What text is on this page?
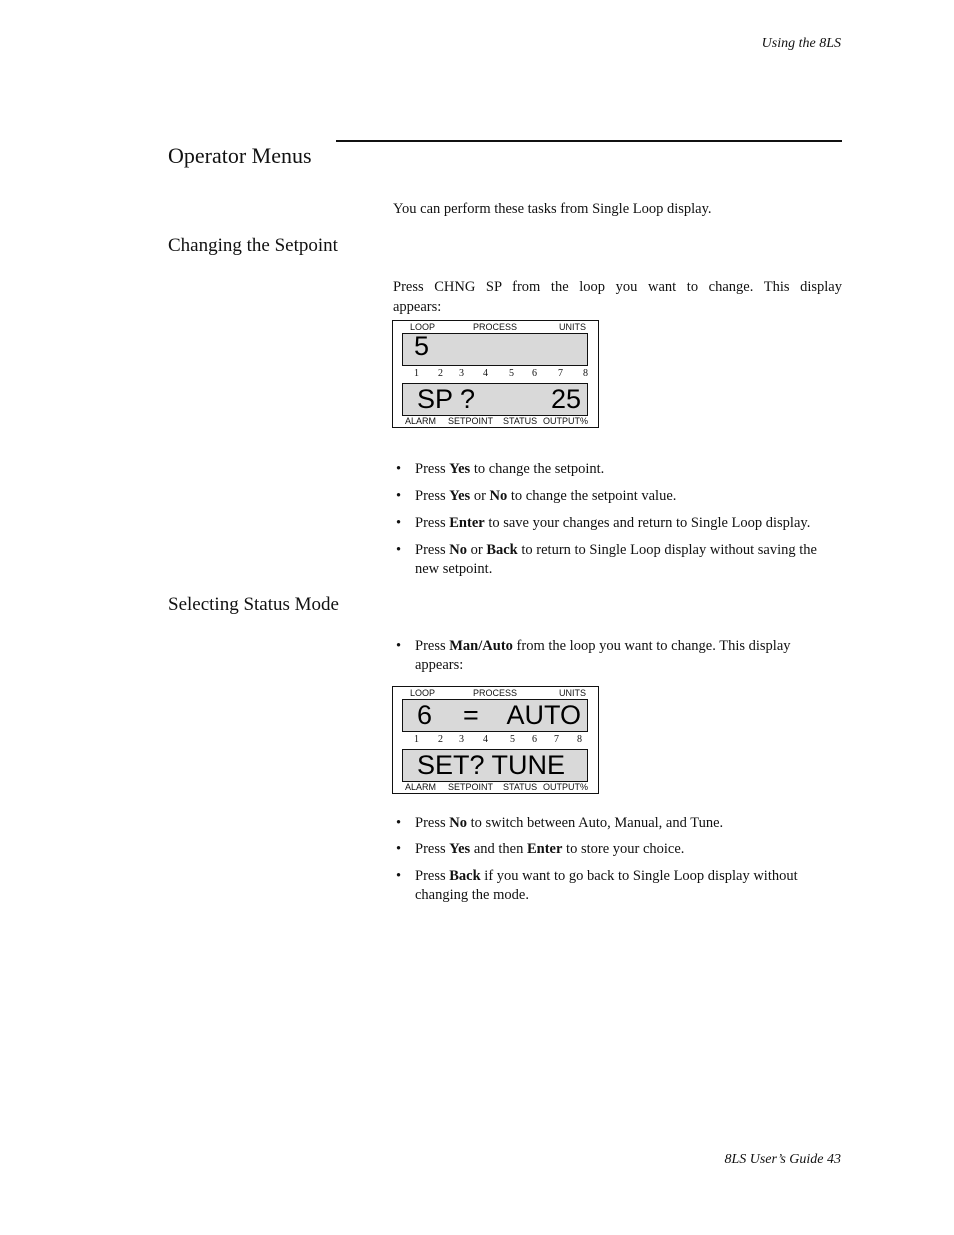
Using the 8LS
Operator Menus
You can perform these tasks from Single Loop display.
Changing the Setpoint
Press CHNG SP from the loop you want to change. This display
appears:
LOOP	PROCESS	UNITS
5
1 2 3 4 5 6 7 8
SP ?	25
ALARM SETPOINT STATUS OUTPUT%
• Press Yes to change the setpoint.
• Press Yes or No to change the setpoint value.
• Press Enter to save your changes and return to Single Loop display.
• Press No or Back to return to Single Loop display without saving the
new setpoint.
Selecting Status Mode
• Press Man/Auto from the loop you want to change. This display
appears:
LOOP	PROCESS	UNITS
6 = AUTO
1 2 3 4 5 6 7 8
SET? TUNE
ALARM SETPOINT STATUS OUTPUT%
• Press No to switch between Auto, Manual, and Tune.
• Press Yes and then Enter to store your choice.
• Press Back if you want to go back to Single Loop display without
changing the mode.
8LS User’s Guide 43
